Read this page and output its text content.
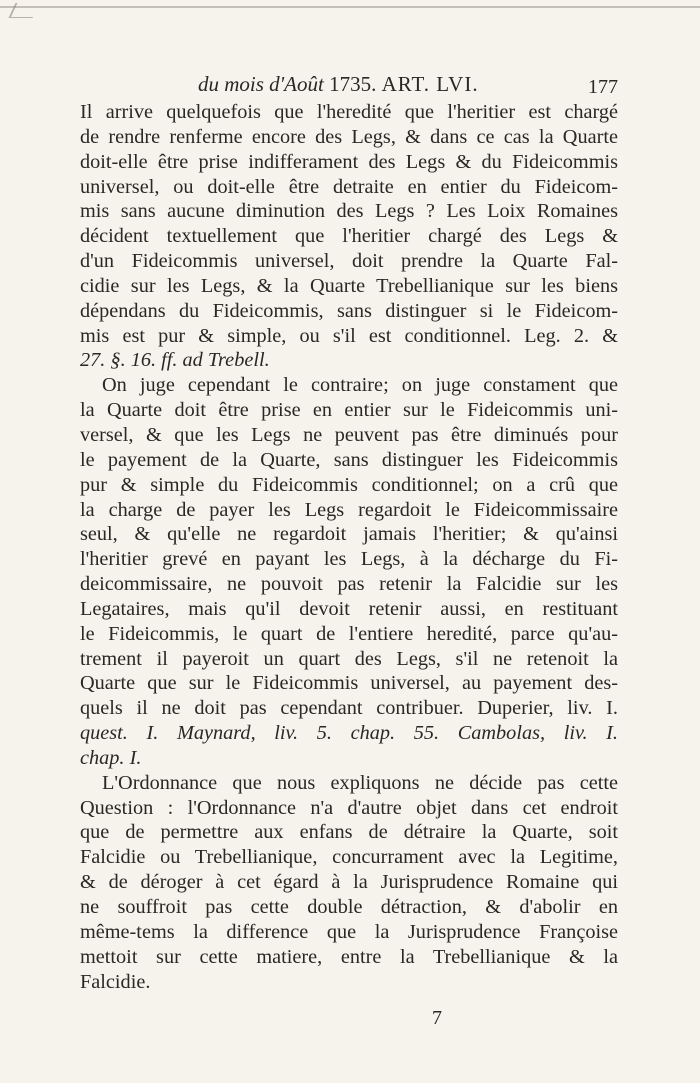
du mois d'Août 1735. ART. LVI.	177

Il arrive quelquefois que l'heredité que l'heritier est chargé
de rendre renferme encore des Legs, & dans ce cas la Quarte
doit-elle être prise indifferament des Legs & du Fideicommis
universel, ou doit-elle être detraite en entier du Fideicom-
mis sans aucune diminution des Legs ? Les Loix Romaines
décident textuellement que l'heritier chargé des Legs &
d'un Fideicommis universel, doit prendre la Quarte Fal-
cidie sur les Legs, & la Quarte Trebellianique sur les biens
dépendans du Fideicommis, sans distinguer si le Fideicom-
mis est pur & simple, ou s'il est conditionnel. Leg. 2. &
27. §. 16. ff. ad Trebell.

On juge cependant le contraire; on juge constament que
la Quarte doit être prise en entier sur le Fideicommis uni-
versel, & que les Legs ne peuvent pas être diminués pour
le payement de la Quarte, sans distinguer les Fideicommis
pur & simple du Fideicommis conditionnel; on a crû que
la charge de payer les Legs regardoit le Fideicommissaire
seul, & qu'elle ne regardoit jamais l'heritier; & qu'ainsi
l'heritier grevé en payant les Legs, à la décharge du Fi-
deicommissaire, ne pouvoit pas retenir la Falcidie sur les
Legataires, mais qu'il devoit retenir aussi, en restituant
le Fideicommis, le quart de l'entiere heredité, parce qu'au-
trement il payeroit un quart des Legs, s'il ne retenoit la
Quarte que sur le Fideicommis universel, au payement des-
quels il ne doit pas cependant contribuer. Duperier, liv. I.
quest. I. Maynard, liv. 5. chap. 55. Cambolas, liv. I.
chap. I.

L'Ordonnance que nous expliquons ne décide pas cette
Question : l'Ordonnance n'a d'autre objet dans cet endroit
que de permettre aux enfans de détraire la Quarte, soit
Falcidie ou Trebellianique, concurrament avec la Legitime,
& de déroger à cet égard à la Jurisprudence Romaine qui
ne souffroit pas cette double détraction, & d'abolir en
même-tems la difference que la Jurisprudence Françoise
mettoit sur cette matiere, entre la Trebellianique & la
Falcidie.

7
